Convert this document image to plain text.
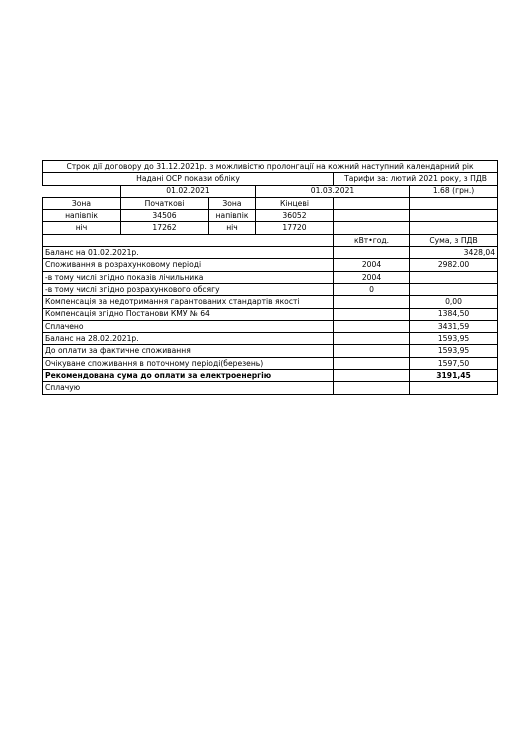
Строк дії договору до 31.12.2021р. з можливістю пролонгації на кожний наступний календарний рік					
Надані ОСР покази обліку				Тарифи за: лютий 2021 року, з ПДВ	
	01.02.2021		01.03.2021		1.68 (грн.)
Зона	Початкові	Зона	Кінцеві		
напівпік	34506	напівпік	36052		
ніч	17262	ніч	17720		
				кВт•год.	Сума, з ПДВ
Баланс на 01.02.2021р.					3428,04
Споживання в розрахунковому періоді				2004	2982.00
-в тому числі згідно показів лічильника				2004	
-в тому числі згідно розрахункового обсягу				0	
Компенсація за недотримання гарантованих стандартів якості					0,00
Компенсація згідно Постанови КМУ № 64					1384,50
Сплачено					3431,59
Баланс на 28.02.2021р.					1593,95
До оплати за фактичне споживання					1593,95
Очікуване споживання в поточному періоді(березень)					1597,50
Рекомендована сума до оплати за електроенергію					3191,45
Сплачую					
